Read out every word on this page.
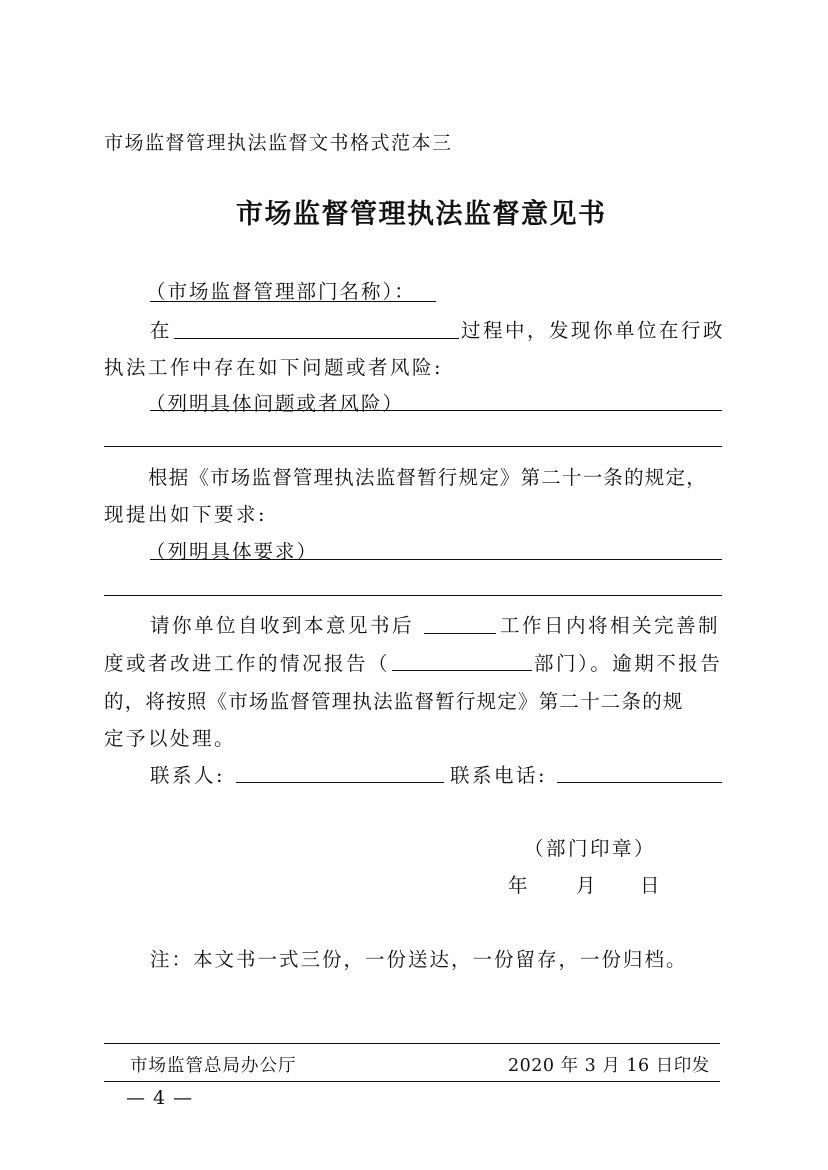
市场监督管理执法监督文书格式范本三
市场监督管理执法监督意见书
（市场监督管理部门名称）：
在	过程中，发现你单位在行政
执法工作中存在如下问题或者风险:
（列明具体问题或者风险）
根据《市场监督管理执法监督暂行规定》第二十一条的规定，
现提出如下要求:
（列明具体要求）
请你单位自收到本意见书后	工作日内将相关完善制
度或者改进工作的情况报告（	部门）。逾期不报告
的，将按照《市场监督管理执法监督暂行规定》第二十二条的规
定予以处理。
联系人:	联系电话:
（部门印章）
年 月 日
注：本文书一式三份，一份送达，一份留存，一份归档。
市场监管总局办公厅	2020 年 3 月 16 日印发
— 4 —
